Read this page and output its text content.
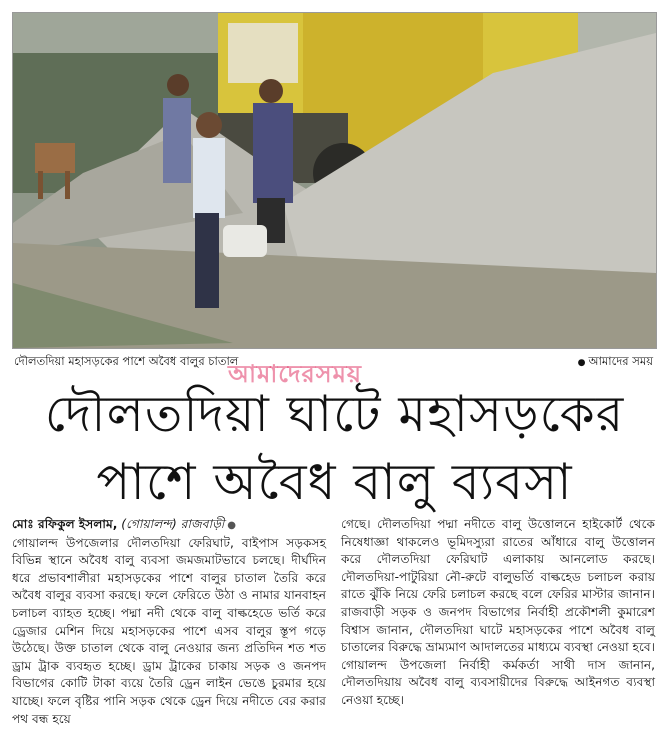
দৌলতদিয়া মহাসড়কের পাশে অবৈধ বালুর চাতাল	● আমাদের সময়
আমাদেরসময়
দৌলতদিয়া ঘাটে মহাসড়কের
পাশে অবৈধ বালু ব্যবসা

মোঃ রফিকুল ইসলাম, (গোয়ালন্দ) রাজবাড়ী ●

গোয়ালন্দ উপজেলার দৌলতদিয়া ফেরিঘাট, বাইপাস সড়কসহ বিভিন্ন স্থানে অবৈধ বালু ব্যবসা জমজমাটভাবে চলছে। দীর্ঘদিন ধরে প্রভাবশালীরা মহাসড়কের পাশে বালুর চাতাল তৈরি করে অবৈধ বালুর ব্যবসা করছে। ফলে ফেরিতে উঠা ও নামার যানবাহন চলাচল ব্যাহত হচ্ছে। পদ্মা নদী থেকে বালু বাল্কহেডে ভর্তি করে ড্রেজার মেশিন দিয়ে মহাসড়কের পাশে এসব বালুর স্তূপ গড়ে উঠেছে। উক্ত চাতাল থেকে বালু নেওয়ার জন্য প্রতিদিন শত শত ড্রাম ট্রাক ব্যবহৃত হচ্ছে। ড্রাম ট্রাকের চাকায় সড়ক ও জনপদ বিভাগের কোটি টাকা ব্যয়ে তৈরি ড্রেন লাইন ভেঙে চুরমার হয়ে যাচ্ছে। ফলে বৃষ্টির পানি সড়ক থেকে ড্রেন দিয়ে নদীতে বের করার পথ বন্ধ হয়ে

গেছে। দৌলতদিয়া পদ্মা নদীতে বালু উত্তোলনে হাইকোর্ট থেকে নিষেধাজ্ঞা থাকলেও ভূমিদস্যুরা রাতের আঁধারে বালু উত্তোলন করে দৌলতদিয়া ফেরিঘাট এলাকায় আনলোড করছে। দৌলতদিয়া-পাটুরিয়া নৌ-রুটে বালুভর্তি বাল্কহেড চলাচল করায় রাতে ঝুঁকি নিয়ে ফেরি চলাচল করছে বলে ফেরির মাস্টার জানান। রাজবাড়ী সড়ক ও জনপদ বিভাগের নির্বাহী প্রকৌশলী কুমারেশ বিশ্বাস জানান, দৌলতদিয়া ঘাটে মহাসড়কের পাশে অবৈধ বালু চাতালের বিরুদ্ধে ভ্রাম্যমাণ আদালতের মাধ্যমে ব্যবস্থা নেওয়া হবে। গোয়ালন্দ উপজেলা নির্বাহী কর্মকর্তা সাথী দাস জানান, দৌলতদিয়ায় অবৈধ বালু ব্যবসায়ীদের বিরুদ্ধে আইনগত ব্যবস্থা নেওয়া হচ্ছে।
